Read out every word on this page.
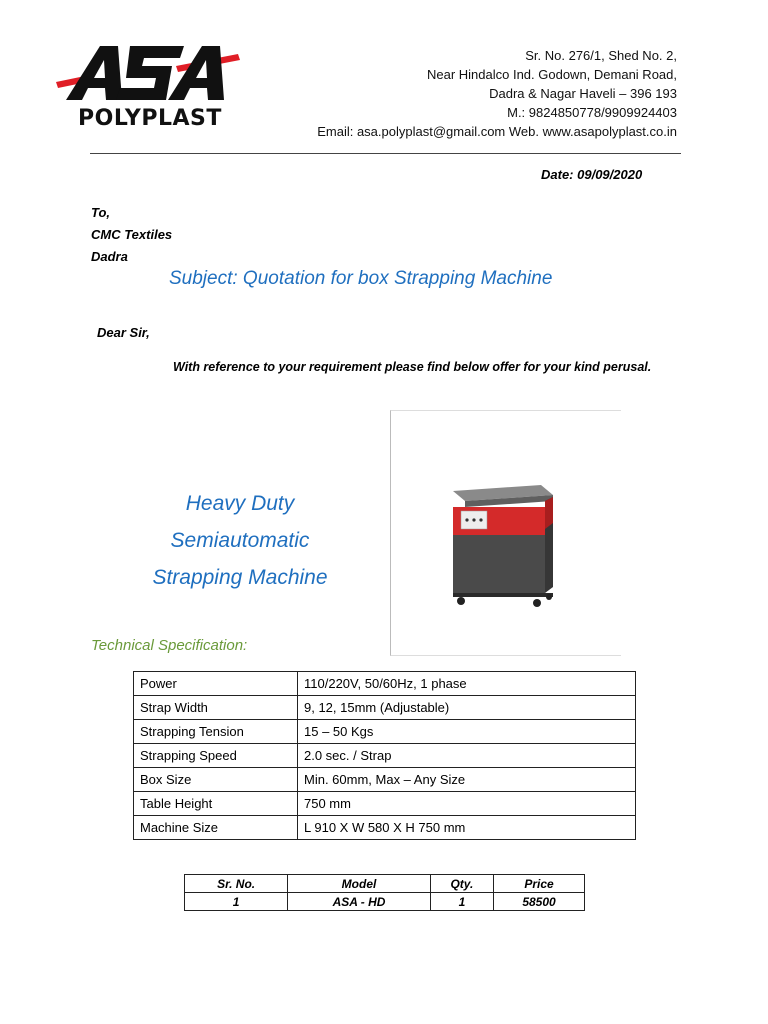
POLYPLAST
Sr. No. 276/1, Shed No. 2,
Near Hindalco Ind. Godown, Demani Road,
Dadra & Nagar Haveli – 396 193
M.: 9824850778/9909924403
Email: asa.polyplast@gmail.com Web. www.asapolyplast.co.in
Date: 09/09/2020
To,
CMC Textiles
Dadra
Subject: Quotation for box Strapping Machine
Dear Sir,
With reference to your requirement please find below offer for your kind perusal.
Heavy Duty
Semiautomatic
Strapping Machine
Technical Specification:
Power	110/220V, 50/60Hz, 1 phase
Strap Width	9, 12, 15mm (Adjustable)
Strapping Tension	15 – 50 Kgs
Strapping Speed	2.0 sec. / Strap
Box Size	Min. 60mm, Max – Any Size
Table Height	750 mm
Machine Size	L 910 X W 580 X H 750 mm
Sr. No.	Model	Qty.	Price
1	ASA - HD	1	58500
